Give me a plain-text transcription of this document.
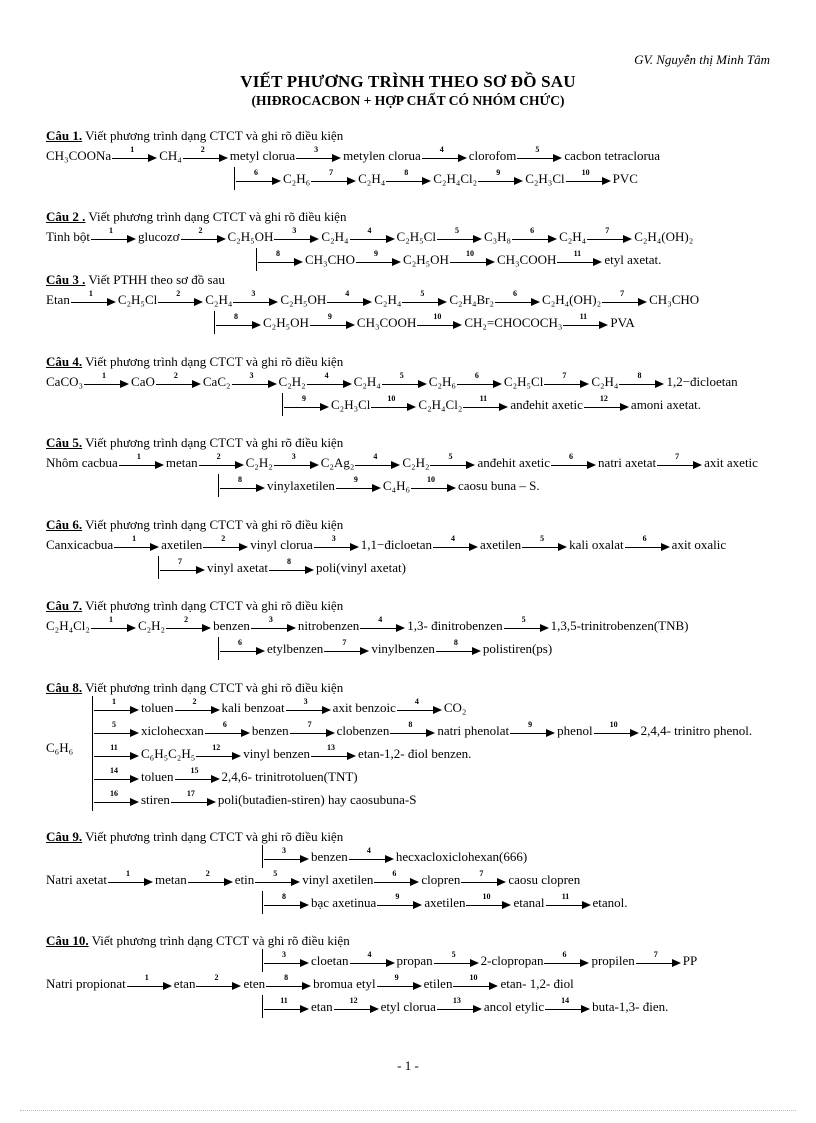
GV. Nguyễn thị Minh Tâm
VIẾT PHƯƠNG TRÌNH THEO SƠ ĐỒ SAU
(HIĐROCACBON + HỢP CHẤT CÓ NHÓM CHỨC)
Câu 1. Viết phương trình dạng CTCT và ghi rõ điều kiện
CH₃COONa	1	CH₄	2	metyl clorua	3	metylen clorua	4	clorofom	5	cacbon tetraclorua
6	C₂H₆	7	C₂H₄	8	C₂H₄Cl₂	9	C₂H₃Cl	10	PVC
Câu 2 . Viết phương trình dạng CTCT và ghi rõ điều kiện
Tinh bột	1	glucozơ	2	C₂H₅OH	3	C₂H₄	4	C₂H₅Cl	5	C₃H₈	6	C₂H₄	7	C₂H₄(OH)₂
8	CH₃CHO	9	C₂H₅OH	10	CH₃COOH	11	etyl axetat.
Câu 3 . Viết PTHH theo sơ đồ sau
Etan	1	C₂H₅Cl	2	C₂H₄	3	C₂H₅OH	4	C₂H₄	5	C₂H₄Br₂	6	C₂H₄(OH)₂	7	CH₃CHO
8	C₂H₅OH	9	CH₃COOH	10	CH₂=CHOCOCH₃	11	PVA
Câu 4. Viết phương trình dạng CTCT và ghi rõ điều kiện
CaCO₃	1	CaO	2	CaC₂	3	C₂H₂	4	C₂H₄	5	C₂H₆	6	C₂H₅Cl	7	C₂H₄	8	1,2−đicloetan
9	C₂H₃Cl	10	C₂H₄Cl₂	11	anđehit axetic	12	amoni axetat.
Câu 5. Viết phương trình dạng CTCT và ghi rõ điều kiện
Nhôm cacbua	1	metan	2	C₂H₂	3	C₂Ag₂	4	C₂H₂	5	anđehit axetic	6	natri axetat	7	axit axetic
8	vinylaxetilen	9	C₄H₆	10	caosu buna – S.
Câu 6. Viết phương trình dạng CTCT và ghi rõ điều kiện
Canxicacbua	1	axetilen	2	vinyl clorua	3	1,1−đicloetan	4	axetilen	5	kali oxalat	6	axit oxalic
7	vinyl axetat	8	poli(vinyl axetat)
Câu 7. Viết phương trình dạng CTCT và ghi rõ điều kiện
C₂H₄Cl₂	1	C₂H₂	2	benzen	3	nitrobenzen	4	1,3- đinitrobenzen	5	1,3,5-trinitrobenzen(TNB)
6	etylbenzen	7	vinylbenzen	8	polistiren(ps)
Câu 8. Viết phương trình dạng CTCT và ghi rõ điều kiện
C₆H₆
1	toluen	2	kali benzoat	3	axit benzoic	4	CO₂
5	xiclohecxan	6	benzen	7	clobenzen	8	natri phenolat	9	phenol	10	2,4,4- trinitro phenol.
11	C₆H₅C₂H₅	12	vinyl benzen	13	etan-1,2- điol benzen.
14	toluen	15	2,4,6- trinitrotoluen(TNT)
16	stiren	17	poli(butađien-stiren) hay caosubuna-S
Câu 9. Viết phương trình dạng CTCT và ghi rõ điều kiện
3	benzen	4	hecxacloxiclohexan(666)
Natri axetat	1	metan	2	etin	5	vinyl axetilen	6	clopren	7	caosu clopren
8	bạc axetinua	9	axetilen	10	etanal	11	etanol.
Câu 10. Viết phương trình dạng CTCT và ghi rõ điều kiện
3	cloetan	4	propan	5	2-clopropan	6	propilen	7	PP
Natri propionat	1	etan	2	eten	8	bromua etyl	9	etilen	10	etan- 1,2- điol
11	etan	12	etyl clorua	13	ancol etylic	14	buta-1,3- đien.
- 1 -
